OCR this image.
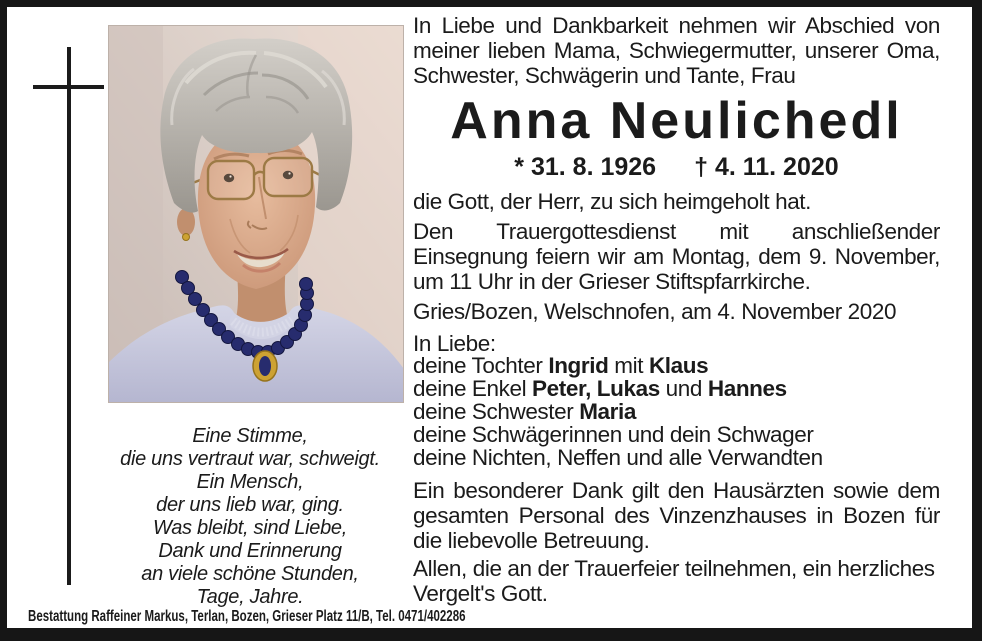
Eine Stimme,
die uns vertraut war, schweigt.
Ein Mensch,
der uns lieb war, ging.
Was bleibt, sind Liebe,
Dank und Erinnerung
an viele schöne Stunden,
Tage, Jahre.
In Liebe und Dankbarkeit nehmen wir Abschied von meiner lieben Mama, Schwiegermutter, unserer Oma, Schwester, Schwägerin und Tante, Frau
Anna Neulichedl
* 31. 8. 1926 † 4. 11. 2020
die Gott, der Herr, zu sich heimgeholt hat.
Den Trauergottesdienst mit anschließender Einsegnung feiern wir am Montag, dem 9. November, um 11 Uhr in der Grieser Stiftspfarrkirche.
Gries/Bozen, Welschnofen, am 4. November 2020
In Liebe:
deine Tochter Ingrid mit Klaus
deine Enkel Peter, Lukas und Hannes
deine Schwester Maria
deine Schwägerinnen und dein Schwager
deine Nichten, Neffen und alle Verwandten
Ein besonderer Dank gilt den Hausärzten sowie dem gesamten Personal des Vinzenzhauses in Bozen für die liebevolle Betreuung.
Allen, die an der Trauerfeier teilnehmen, ein herzliches Vergelt's Gott.
Bestattung Raffeiner Markus, Terlan, Bozen, Grieser Platz 11/B, Tel. 0471/402286
